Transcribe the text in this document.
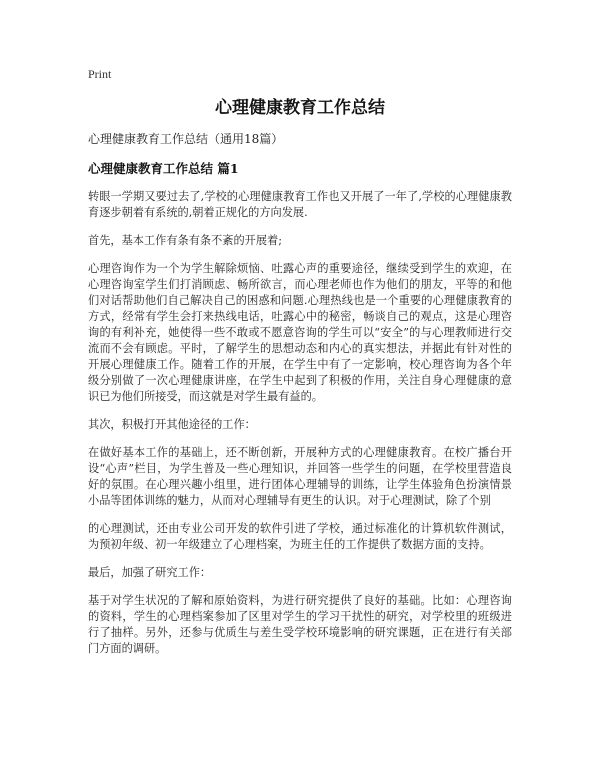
Print
心理健康教育工作总结

心理健康教育工作总结（通用18篇）

心理健康教育工作总结 篇1

转眼一学期又要过去了,学校的心理健康教育工作也又开展了一年了,学校的心理健康教育逐步朝着有系统的,朝着正规化的方向发展.

首先，基本工作有条有条不紊的开展着;

心理咨询作为一个为学生解除烦恼、吐露心声的重要途径，继续受到学生的欢迎，在心理咨询室学生们打消顾虑、畅所欲言，而心理老师也作为他们的朋友，平等的和他们对话帮助他们自己解决自己的困惑和问题.心理热线也是一个重要的心理健康教育的方式，经常有学生会打来热线电话，吐露心中的秘密，畅谈自己的观点，这是心理咨询的有利补充，她使得一些不敢或不愿意咨询的学生可以“安全”的与心理教师进行交流而不会有顾虑。平时，了解学生的思想动态和内心的真实想法，并据此有针对性的开展心理健康工作。随着工作的开展，在学生中有了一定影响，校心理咨询为各个年级分别做了一次心理健康讲座，在学生中起到了积极的作用，关注自身心理健康的意识已为他们所接受，而这就是对学生最有益的。

其次，积极打开其他途径的工作：

在做好基本工作的基础上，还不断创新，开展种方式的心理健康教育。在校广播台开设“心声”栏目，为学生普及一些心理知识，并回答一些学生的问题，在学校里营造良好的氛围。在心理兴趣小组里，进行团体心理辅导的训练，让学生体验角色扮演情景小品等团体训练的魅力，从而对心理辅导有更生的认识。对于心理测试，除了个别

的心理测试，还由专业公司开发的软件引进了学校，通过标准化的计算机软件测试，为预初年级、初一年级建立了心理档案，为班主任的工作提供了数据方面的支持。

最后，加强了研究工作：

基于对学生状况的了解和原始资料，为进行研究提供了良好的基础。比如：心理咨询的资料，学生的心理档案参加了区里对学生的学习干扰性的研究，对学校里的班级进行了抽样。另外，还参与优质生与差生受学校环境影响的研究课题，正在进行有关部门方面的调研。
